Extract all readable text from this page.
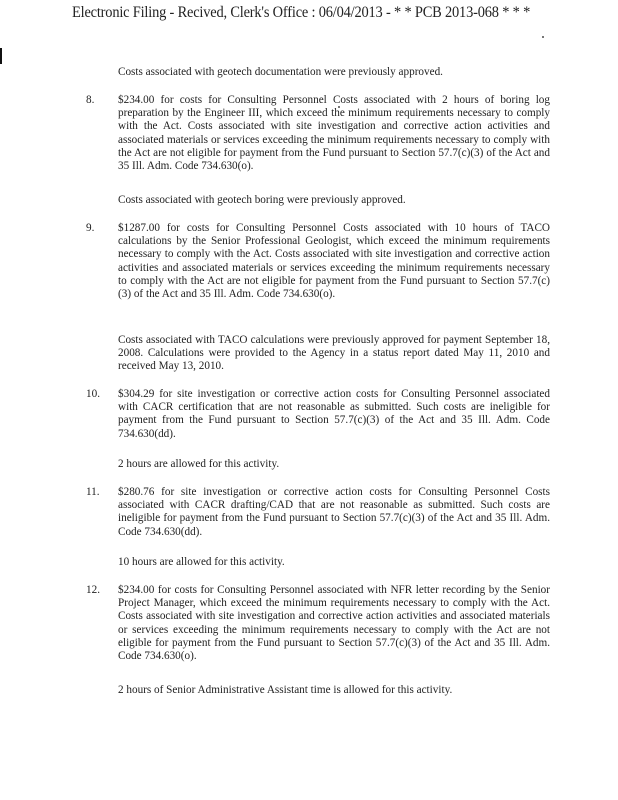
Electronic Filing - Recived, Clerk's Office : 06/04/2013 - * * PCB 2013-068 * * *
Costs associated with geotech documentation were previously approved.
8. $234.00 for costs for Consulting Personnel Costs associated with 2 hours of boring log preparation by the Engineer III, which exceed the minimum requirements necessary to comply with the Act. Costs associated with site investigation and corrective action activities and associated materials or services exceeding the minimum requirements necessary to comply with the Act are not eligible for payment from the Fund pursuant to Section 57.7(c)(3) of the Act and 35 Ill. Adm. Code 734.630(o).
Costs associated with geotech boring were previously approved.
9. $1287.00 for costs for Consulting Personnel Costs associated with 10 hours of TACO calculations by the Senior Professional Geologist, which exceed the minimum requirements necessary to comply with the Act. Costs associated with site investigation and corrective action activities and associated materials or services exceeding the minimum requirements necessary to comply with the Act are not eligible for payment from the Fund pursuant to Section 57.7(c)(3) of the Act and 35 Ill. Adm. Code 734.630(o).
Costs associated with TACO calculations were previously approved for payment September 18, 2008. Calculations were provided to the Agency in a status report dated May 11, 2010 and received May 13, 2010.
10. $304.29 for site investigation or corrective action costs for Consulting Personnel associated with CACR certification that are not reasonable as submitted. Such costs are ineligible for payment from the Fund pursuant to Section 57.7(c)(3) of the Act and 35 Ill. Adm. Code 734.630(dd).
2 hours are allowed for this activity.
11. $280.76 for site investigation or corrective action costs for Consulting Personnel Costs associated with CACR drafting/CAD that are not reasonable as submitted. Such costs are ineligible for payment from the Fund pursuant to Section 57.7(c)(3) of the Act and 35 Ill. Adm. Code 734.630(dd).
10 hours are allowed for this activity.
12. $234.00 for costs for Consulting Personnel associated with NFR letter recording by the Senior Project Manager, which exceed the minimum requirements necessary to comply with the Act. Costs associated with site investigation and corrective action activities and associated materials or services exceeding the minimum requirements necessary to comply with the Act are not eligible for payment from the Fund pursuant to Section 57.7(c)(3) of the Act and 35 Ill. Adm. Code 734.630(o).
2 hours of Senior Administrative Assistant time is allowed for this activity.
